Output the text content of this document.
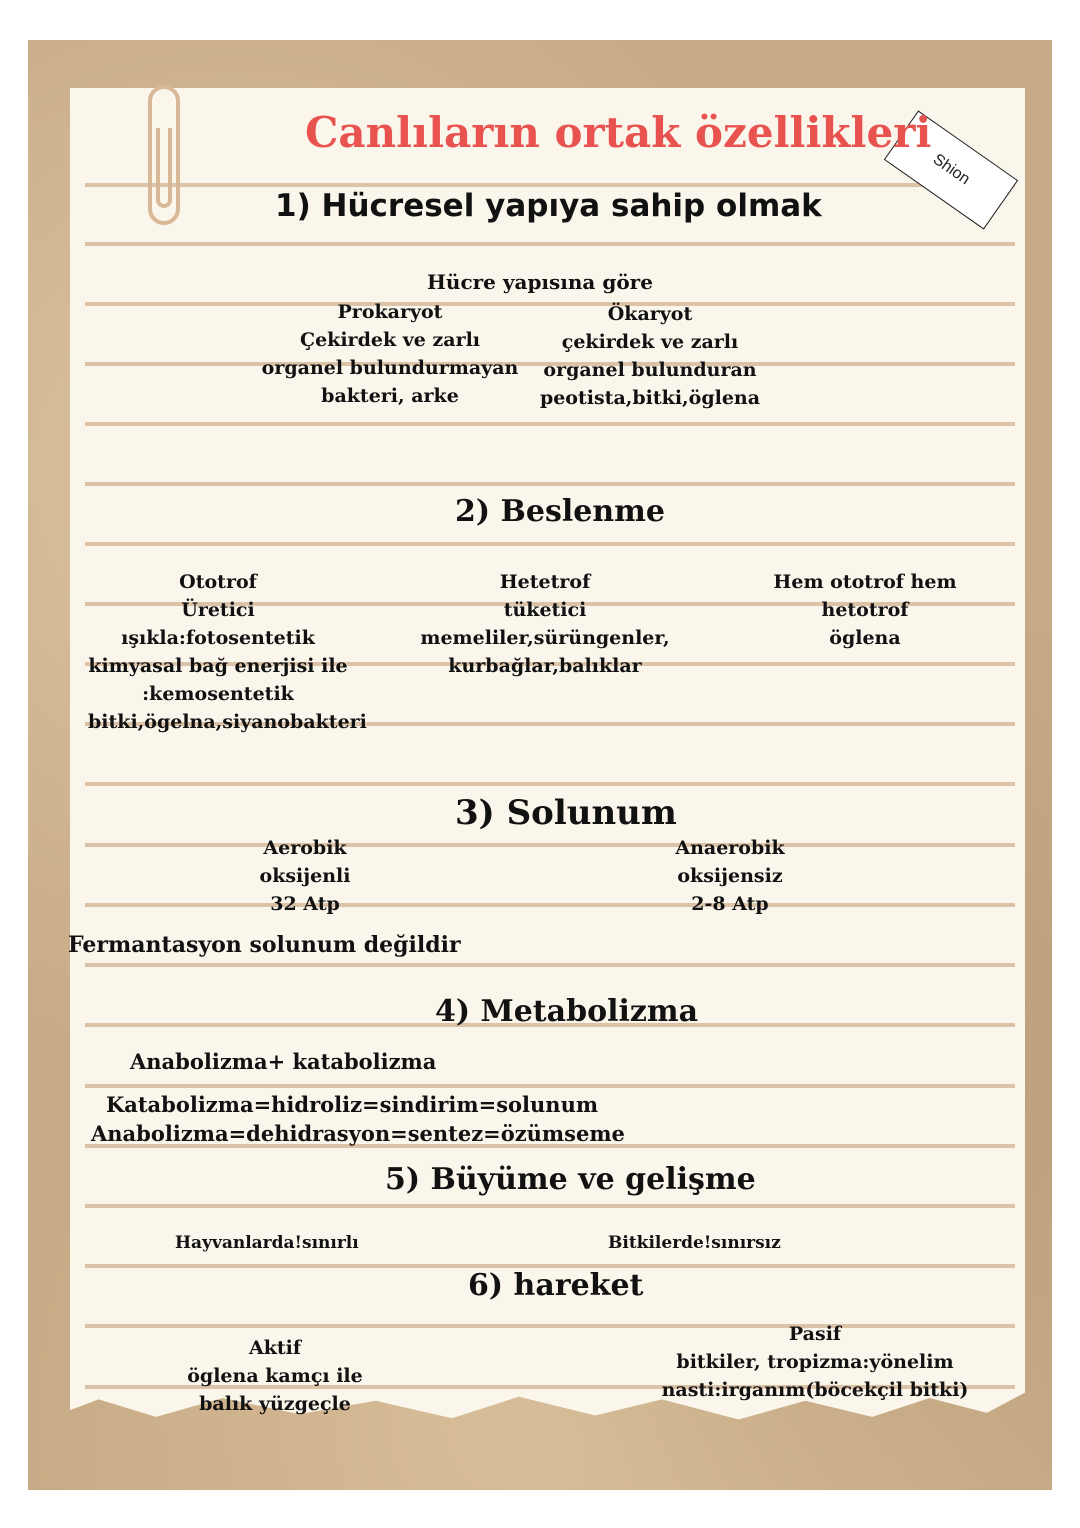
Shion
Canlıların ortak özellikleri
1) Hücresel yapıya sahip olmak
Hücre yapısına göre
Prokaryot
Çekirdek ve zarlı
organel bulundurmayan
bakteri, arke
Ökaryot
çekirdek ve zarlı
organel bulunduran
peotista,bitki,öglena
2) Beslenme
Ototrof
Üretici
ışıkla:fotosentetik
kimyasal bağ enerjisi ile
:kemosentetik
bitki,ögelna,siyanobakteri
Hetetrof
tüketici
memeliler,sürüngenler,
kurbağlar,balıklar
Hem ototrof hem
hetotrof
öglena
3) Solunum
Aerobik
oksijenli
32 Atp
Anaerobik
oksijensiz
2-8 Atp
Fermantasyon solunum değildir
4) Metabolizma
Anabolizma+ katabolizma
Katabolizma=hidroliz=sindirim=solunum
Anabolizma=dehidrasyon=sentez=özümseme
5) Büyüme ve gelişme
Hayvanlarda!sınırlı	Bitkilerde!sınırsız
6) hareket
Aktif
öglena kamçı ile
balık yüzgeçle
Pasif
bitkiler, tropizma:yönelim
nasti:irganım(böcekçil bitki)
